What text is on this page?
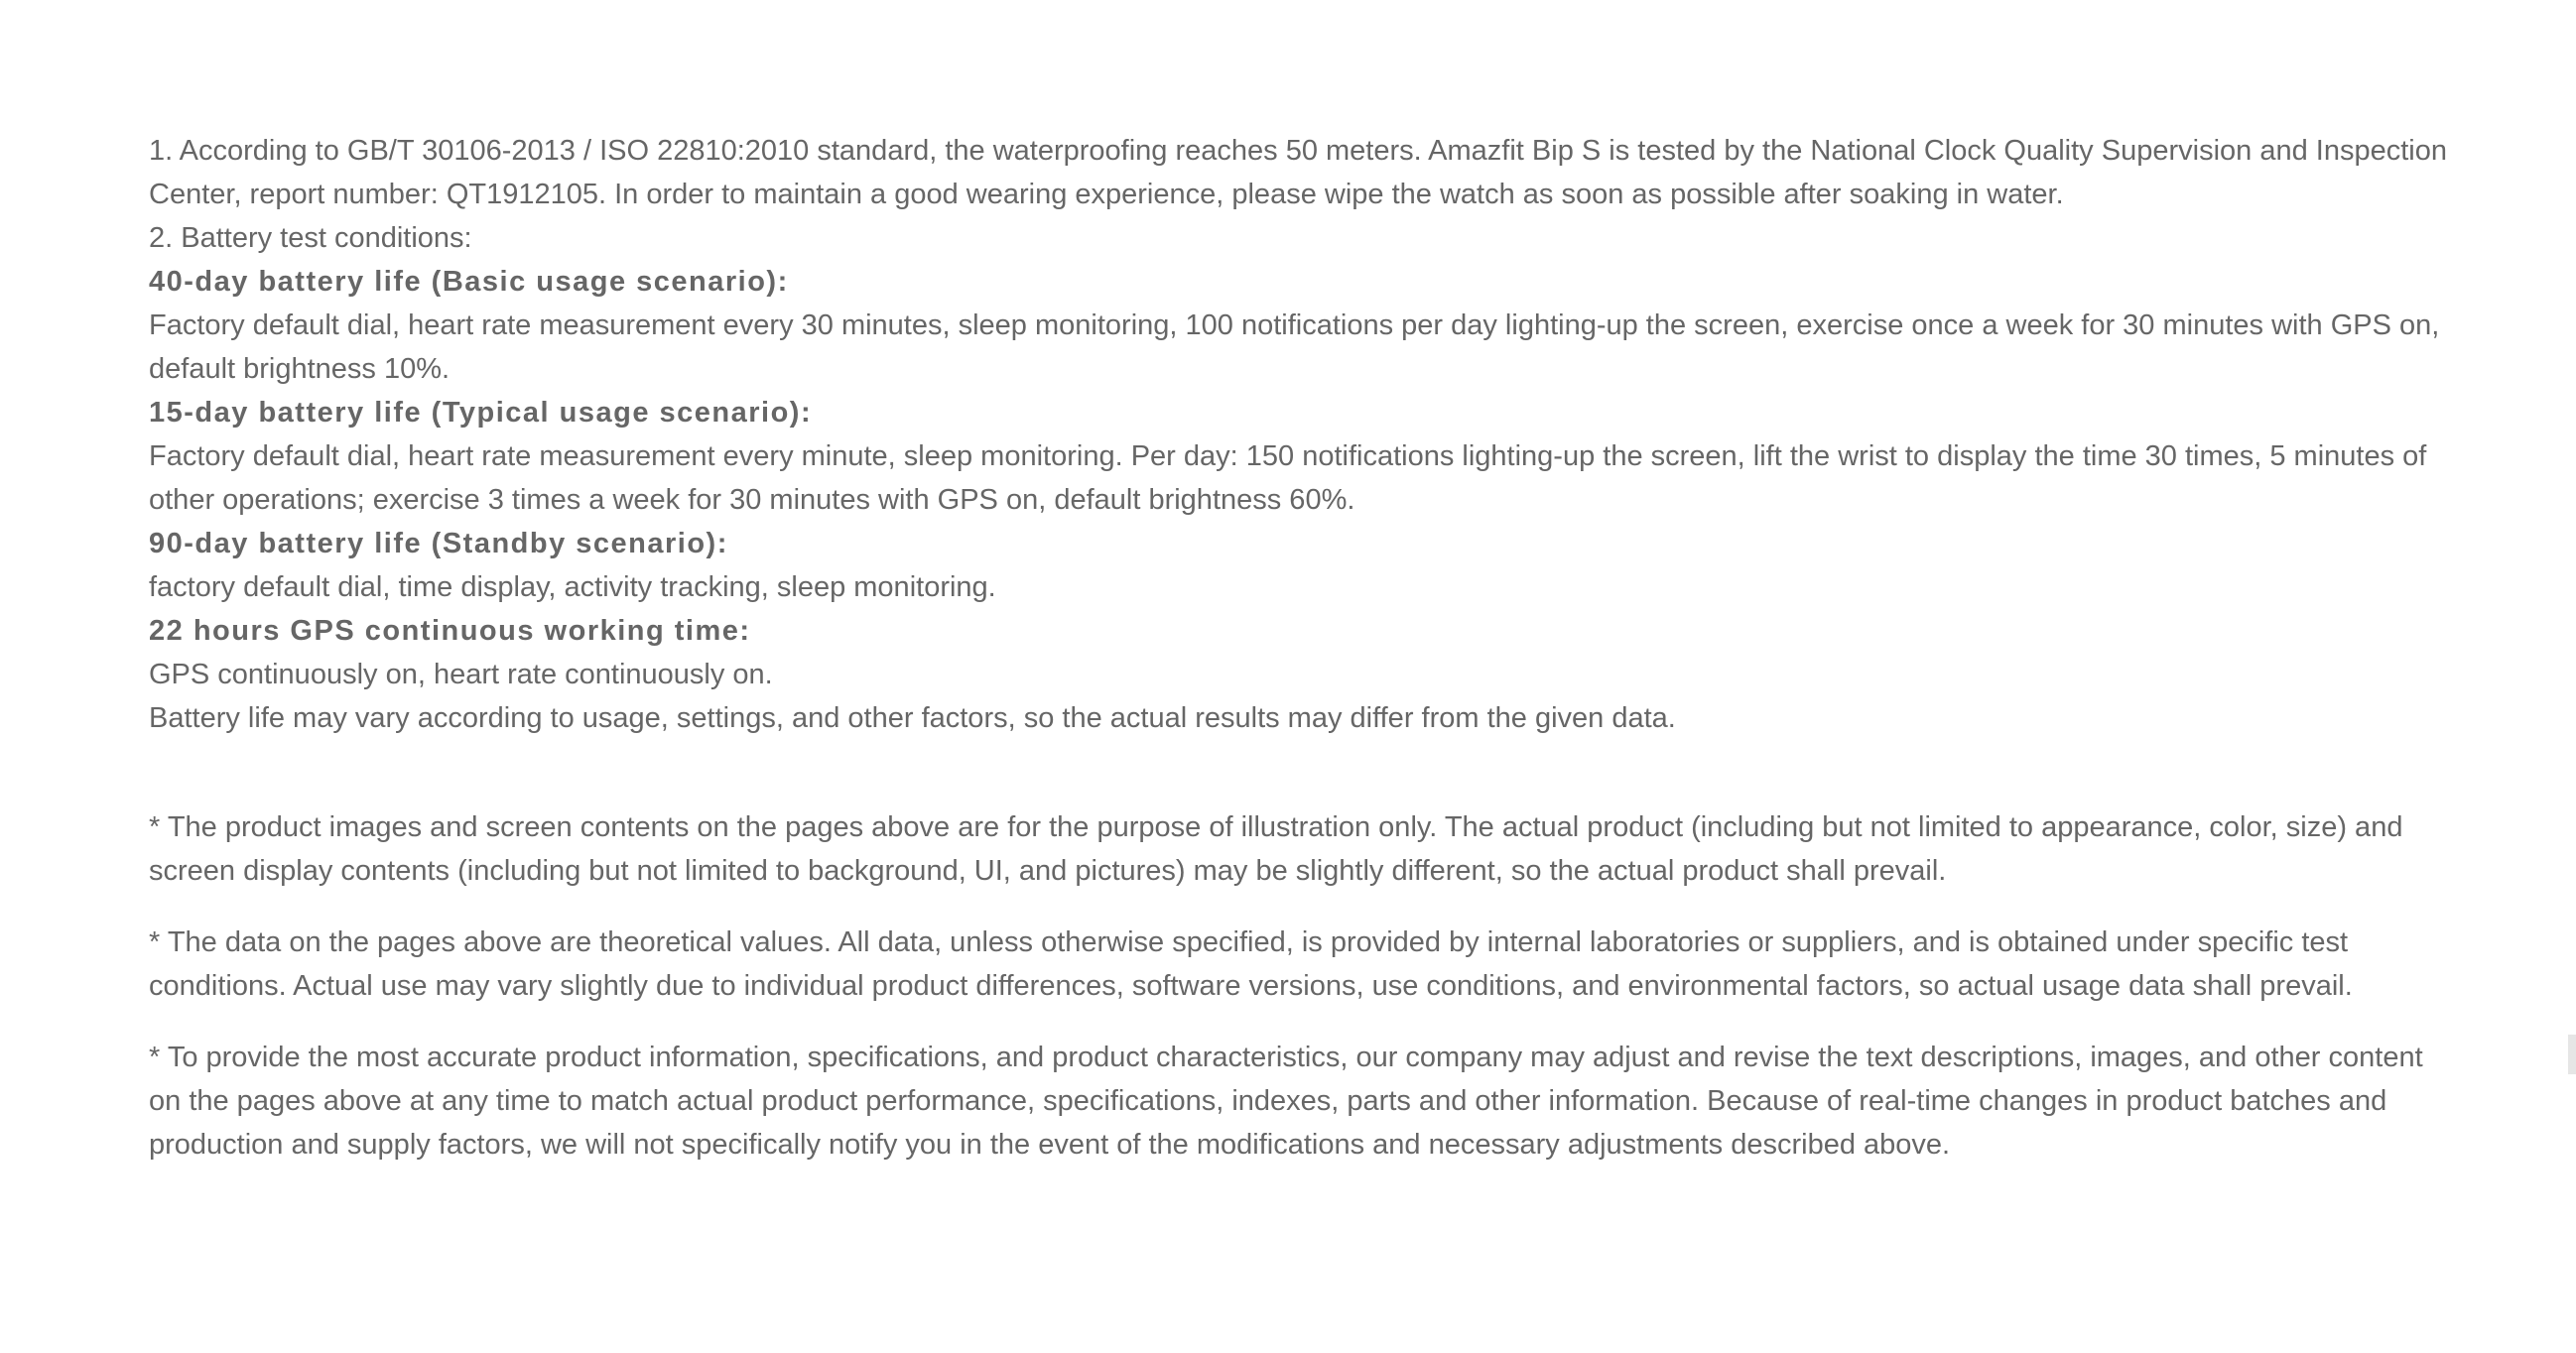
1. According to GB/T 30106-2013 / ISO 22810:2010 standard, the waterproofing reaches 50 meters. Amazfit Bip S is tested by the National Clock Quality Supervision and Inspection Center, report number: QT1912105. In order to maintain a good wearing experience, please wipe the watch as soon as possible after soaking in water.

2. Battery test conditions:

40-day battery life (Basic usage scenario):

Factory default dial, heart rate measurement every 30 minutes, sleep monitoring, 100 notifications per day lighting-up the screen, exercise once a week for 30 minutes with GPS on, default brightness 10%.

15-day battery life (Typical usage scenario):

Factory default dial, heart rate measurement every minute, sleep monitoring. Per day: 150 notifications lighting-up the screen, lift the wrist to display the time 30 times, 5 minutes of other operations; exercise 3 times a week for 30 minutes with GPS on, default brightness 60%.

90-day battery life (Standby scenario):

factory default dial, time display, activity tracking, sleep monitoring.

22 hours GPS continuous working time:

GPS continuously on, heart rate continuously on.

Battery life may vary according to usage, settings, and other factors, so the actual results may differ from the given data.

* The product images and screen contents on the pages above are for the purpose of illustration only. The actual product (including but not limited to appearance, color, size) and screen display contents (including but not limited to background, UI, and pictures) may be slightly different, so the actual product shall prevail.

* The data on the pages above are theoretical values. All data, unless otherwise specified, is provided by internal laboratories or suppliers, and is obtained under specific test conditions. Actual use may vary slightly due to individual product differences, software versions, use conditions, and environmental factors, so actual usage data shall prevail.

* To provide the most accurate product information, specifications, and product characteristics, our company may adjust and revise the text descriptions, images, and other content on the pages above at any time to match actual product performance, specifications, indexes, parts and other information. Because of real-time changes in product batches and production and supply factors, we will not specifically notify you in the event of the modifications and necessary adjustments described above.
